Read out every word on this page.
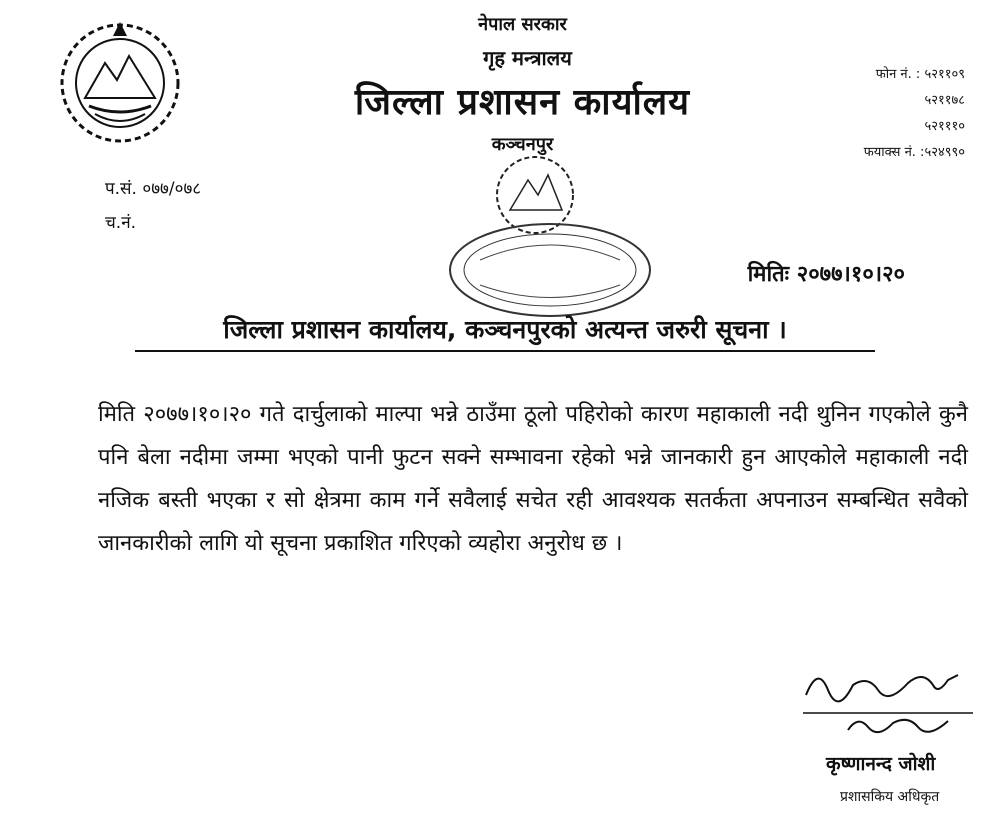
नेपाल सरकार
गृह मन्त्रालय
जिल्ला प्रशासन कार्यालय
कञ्चनपुर
फोन नं. : ५२११०९
५२११७८
५२१११०
फयाक्स नं. :५२४९९०
प.सं. ०७७/०७८
च.नं.
मितिः २०७७।१०।२०
जिल्ला प्रशासन कार्यालय, कञ्चनपुरको अत्यन्त जरुरी सूचना ।
मिति २०७७।१०।२० गते दार्चुलाको माल्पा भन्ने ठाउँमा ठूलो पहिरोको कारण महाकाली नदी थुनिन गएकोले कुनै पनि बेला नदीमा जम्मा भएको पानी फुटन सक्ने सम्भावना रहेको भन्ने जानकारी हुन आएकोले महाकाली नदी नजिक बस्ती भएका र सो क्षेत्रमा काम गर्ने सवैलाई सचेत रही आवश्यक सतर्कता अपनाउन सम्बन्धित सवैको जानकारीको लागि यो सूचना प्रकाशित गरिएको व्यहोरा अनुरोध छ ।
कृष्णानन्द जोशी
प्रशासकिय अधिकृत
